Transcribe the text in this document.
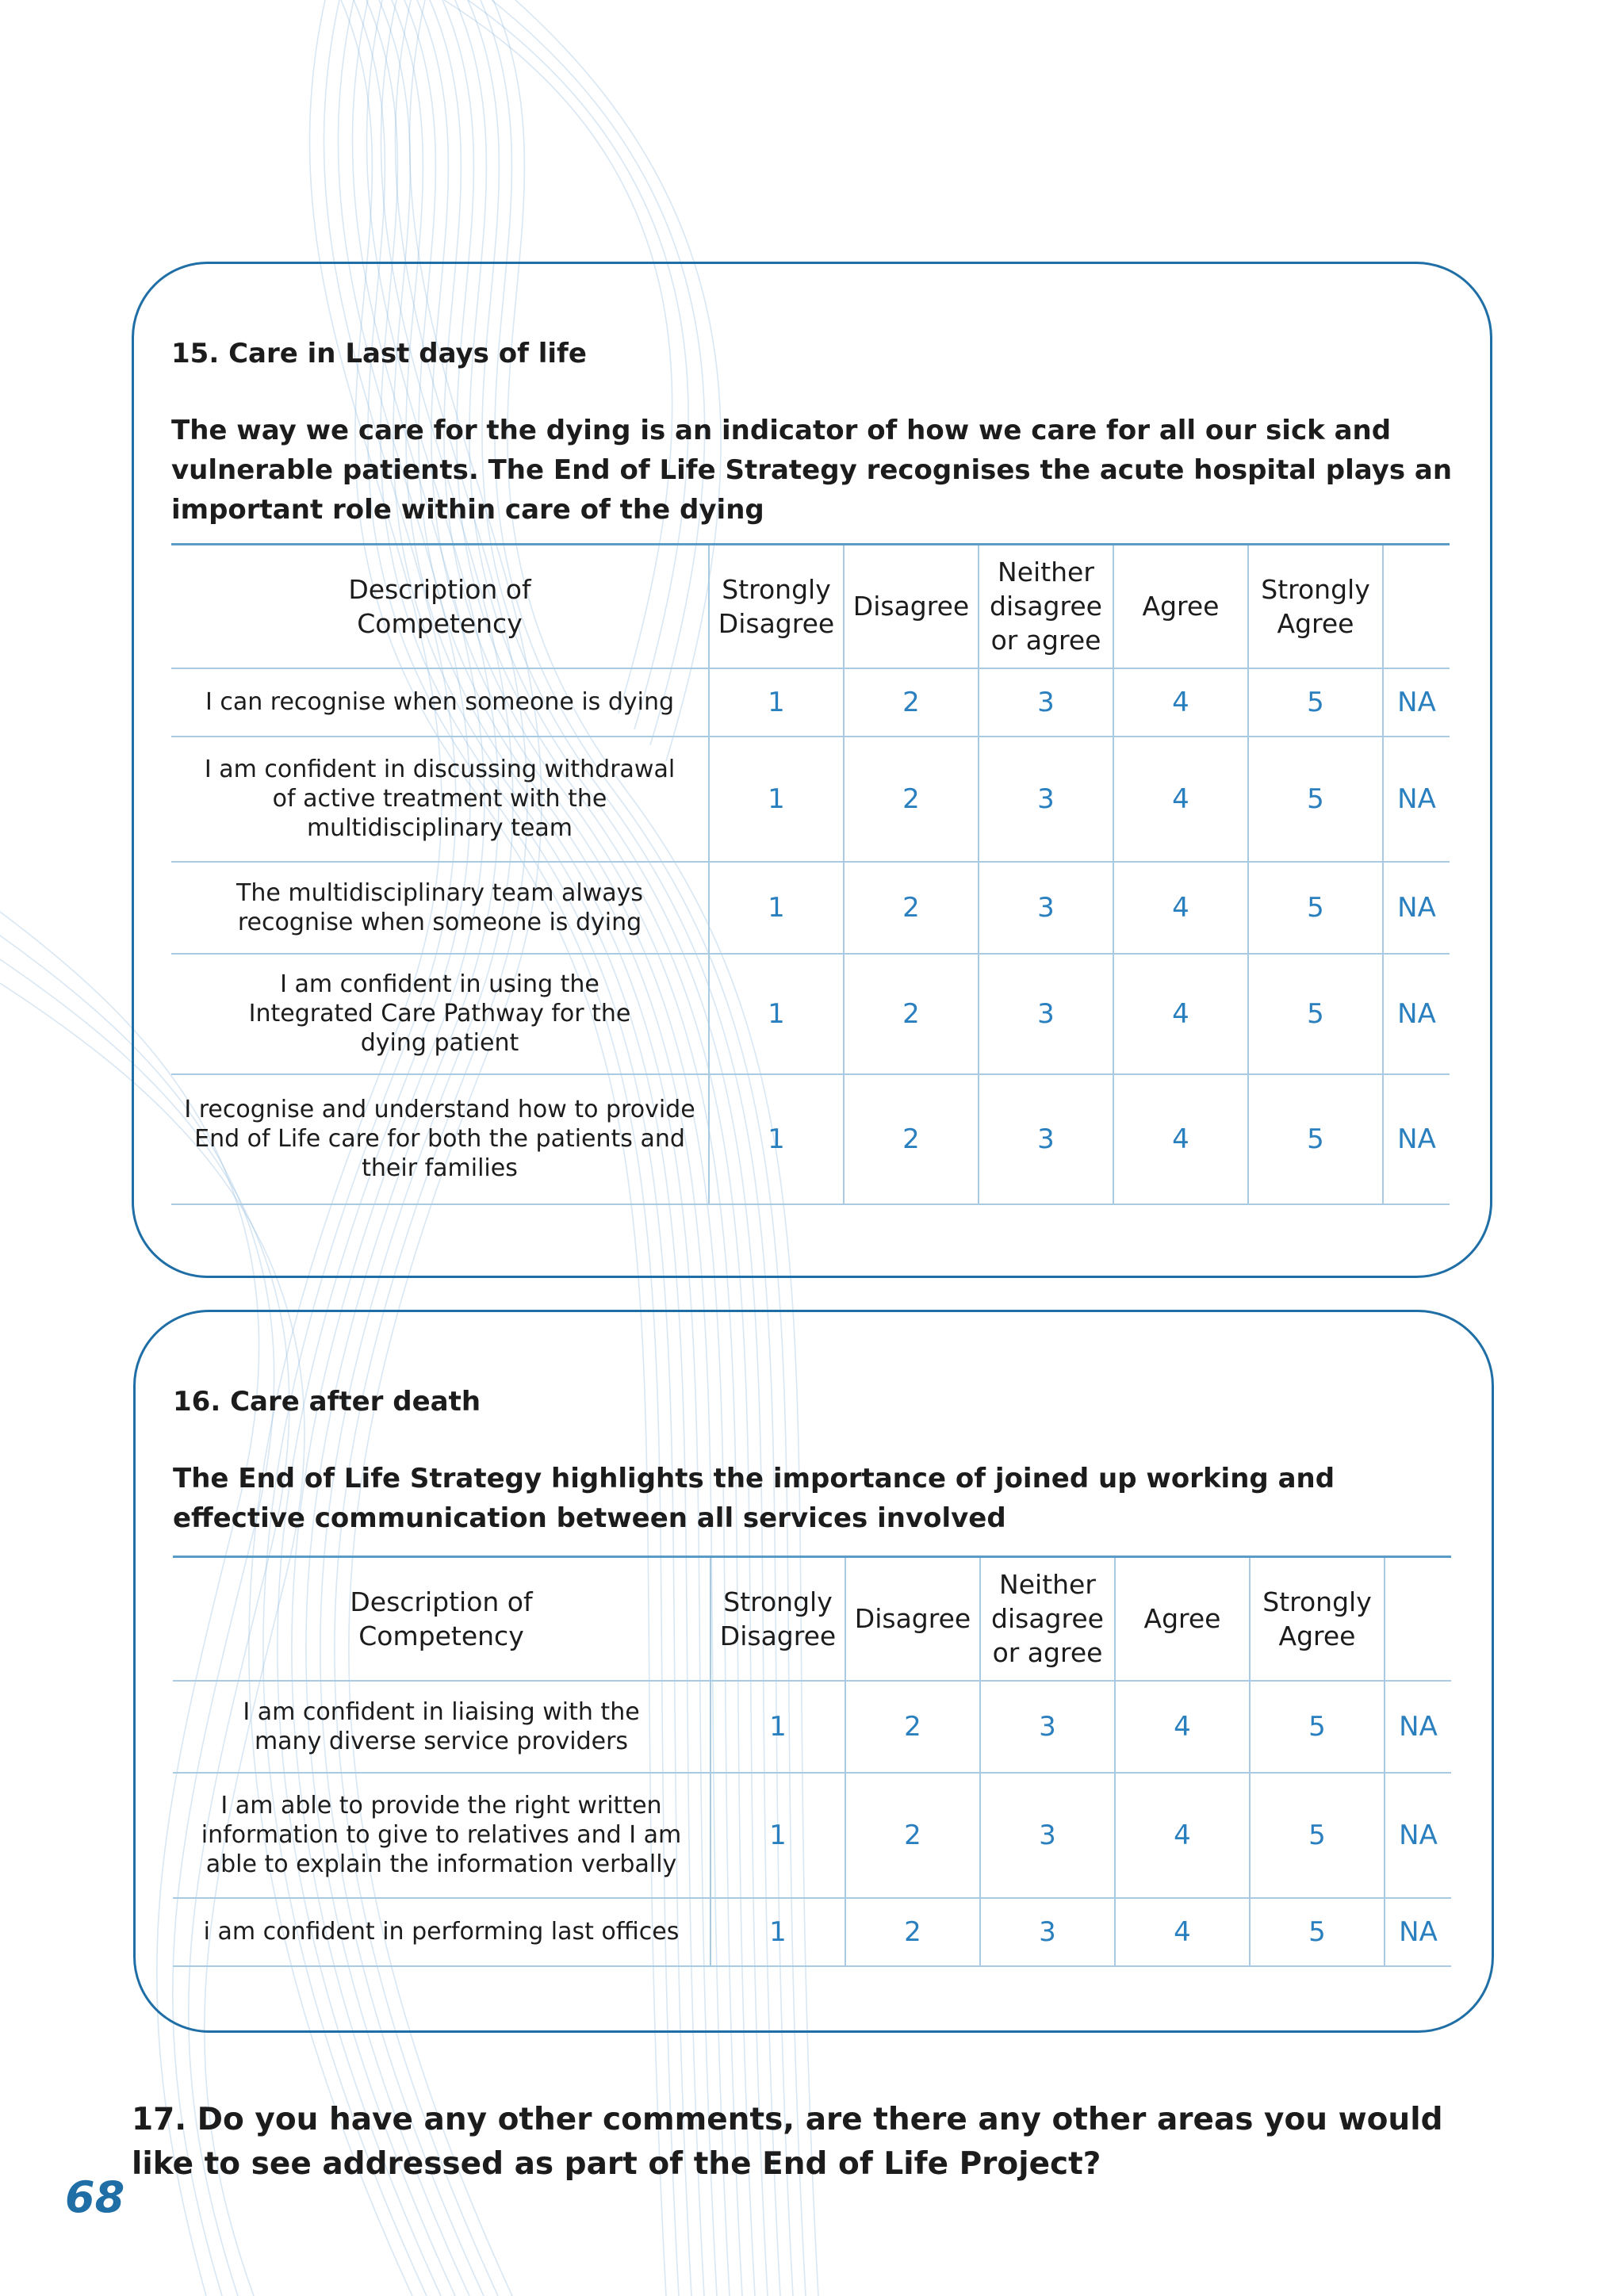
15. Care in Last days of life

The way we care for the dying is an indicator of how we care for all our sick and vulnerable patients. The End of Life Strategy recognises the acute hospital plays an important role within care of the dying

Description of Competency	Strongly Disagree	Disagree	Neither disagree or agree	Agree	Strongly Agree	
I can recognise when someone is dying	1	2	3	4	5	NA
I am confident in discussing withdrawal of active treatment with the multidisciplinary team	1	2	3	4	5	NA
The multidisciplinary team always recognise when someone is dying	1	2	3	4	5	NA
I am confident in using the Integrated Care Pathway for the dying patient	1	2	3	4	5	NA
I recognise and understand how to provide End of Life care for both the patients and their families	1	2	3	4	5	NA
16. Care after death

The End of Life Strategy highlights the importance of joined up working and effective communication between all services involved

Description of Competency	Strongly Disagree	Disagree	Neither disagree or agree	Agree	Strongly Agree	
I am confident in liaising with the many diverse service providers	1	2	3	4	5	NA
I am able to provide the right written information to give to relatives and I am able to explain the information verbally	1	2	3	4	5	NA
i am confident in performing last offices	1	2	3	4	5	NA

17. Do you have any other comments, are there any other areas you would like to see addressed as part of the End of Life Project?

68
